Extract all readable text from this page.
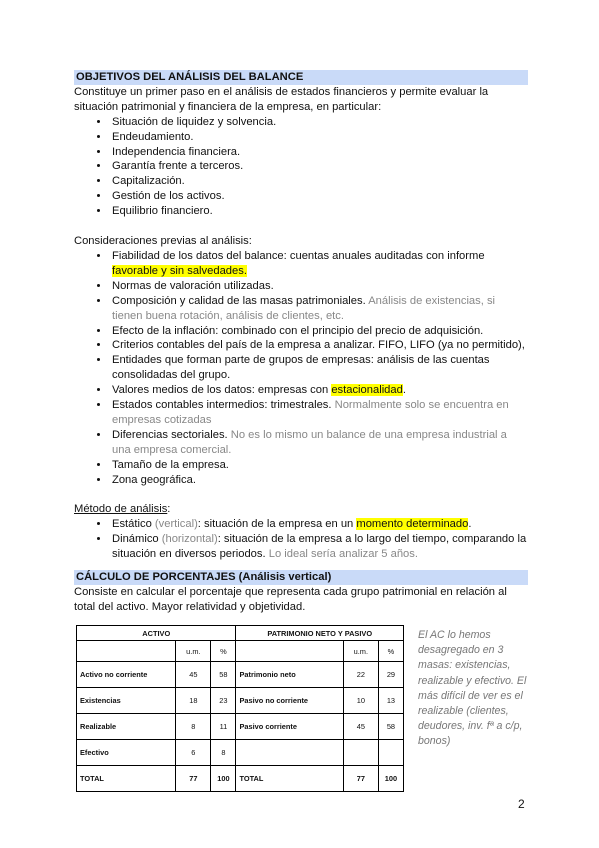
OBJETIVOS DEL ANÁLISIS DEL BALANCE

Constituye un primer paso en el análisis de estados financieros y permite evaluar la situación patrimonial y financiera de la empresa, en particular:

• Situación de liquidez y solvencia.
• Endeudamiento.
• Independencia financiera.
• Garantía frente a terceros.
• Capitalización.
• Gestión de los activos.
• Equilibrio financiero.

Consideraciones previas al análisis:

• Fiabilidad de los datos del balance: cuentas anuales auditadas con informe favorable y sin salvedades.
• Normas de valoración utilizadas.
• Composición y calidad de las masas patrimoniales. Análisis de existencias, si tienen buena rotación, análisis de clientes, etc.
• Efecto de la inflación: combinado con el principio del precio de adquisición.
• Criterios contables del país de la empresa a analizar. FIFO, LIFO (ya no permitido),
• Entidades que forman parte de grupos de empresas: análisis de las cuentas consolidadas del grupo.
• Valores medios de los datos: empresas con estacionalidad.
• Estados contables intermedios: trimestrales. Normalmente solo se encuentra en empresas cotizadas
• Diferencias sectoriales. No es lo mismo un balance de una empresa industrial a una empresa comercial.
• Tamaño de la empresa.
• Zona geográfica.

Método de análisis:

• Estático (vertical): situación de la empresa en un momento determinado.
• Dinámico (horizontal): situación de la empresa a lo largo del tiempo, comparando la situación en diversos periodos. Lo ideal sería analizar 5 años.

CÁLCULO DE PORCENTAJES (Análisis vertical)

Consiste en calcular el porcentaje que representa cada grupo patrimonial en relación al total del activo. Mayor relatividad y objetividad.

ACTIVO			PATRIMONIO NETO Y PASIVO		
	u.m.	%		u.m.	%
Activo no corriente	45	58	Patrimonio neto	22	29
Existencias	18	23	Pasivo no corriente	10	13
Realizable	8	11	Pasivo corriente	45	58
Efectivo	6	8			
TOTAL	77	100	TOTAL	77	100
El AC lo hemos desagregado en 3 masas: existencias, realizable y efectivo. El más difícil de ver es el realizable (clientes, deudores, inv. fª a c/p, bonos)
2
